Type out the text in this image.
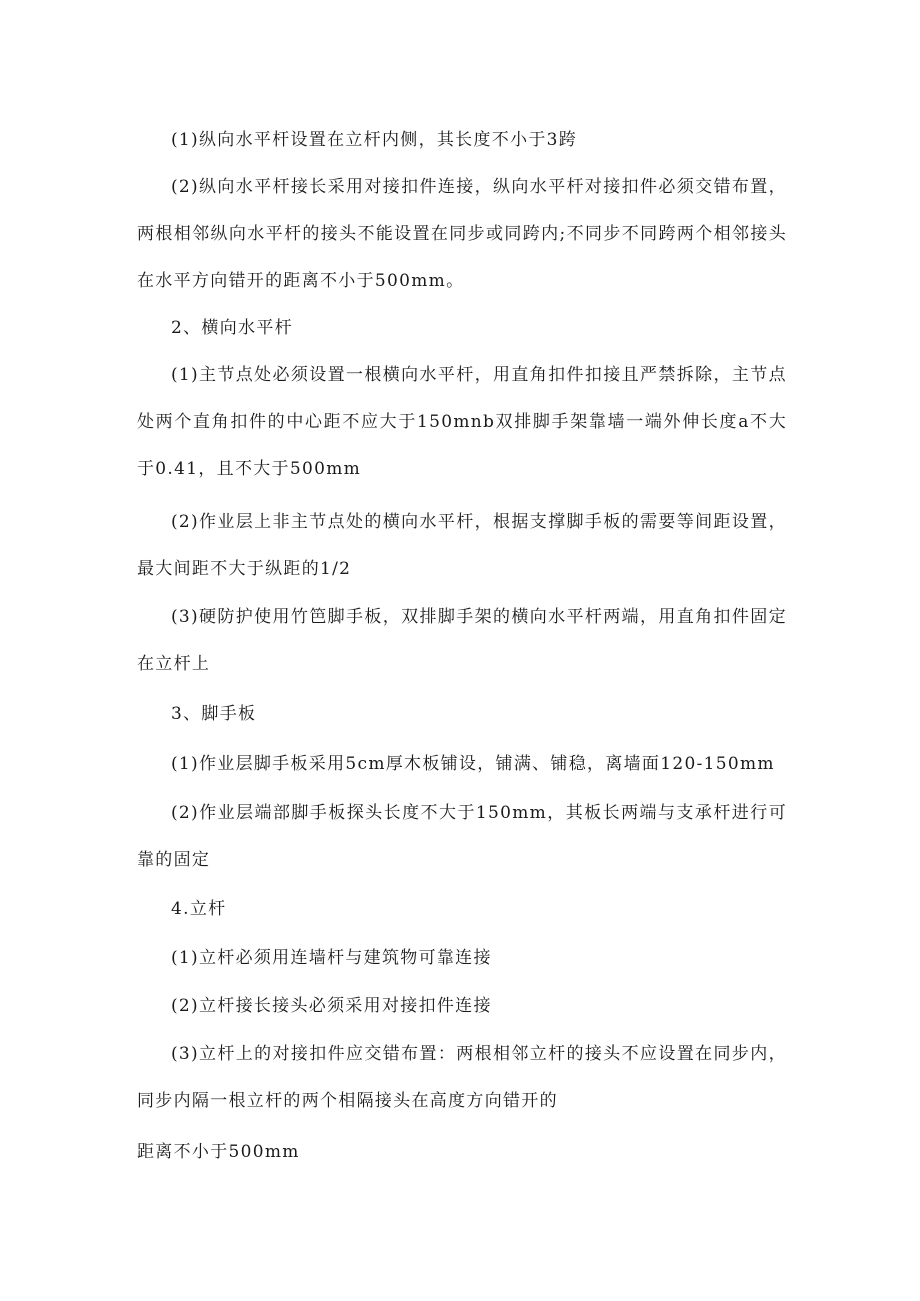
(1)纵向水平杆设置在立杆内侧，其长度不小于3跨

(2)纵向水平杆接长采用对接扣件连接，纵向水平杆对接扣件必须交错布置，两根相邻纵向水平杆的接头不能设置在同步或同跨内;不同步不同跨两个相邻接头在水平方向错开的距离不小于500mm。

2、横向水平杆

(1)主节点处必须设置一根横向水平杆，用直角扣件扣接且严禁拆除，主节点处两个直角扣件的中心距不应大于150mnb双排脚手架靠墙一端外伸长度a不大于0.41，且不大于500mm

(2)作业层上非主节点处的横向水平杆，根据支撑脚手板的需要等间距设置，最大间距不大于纵距的1/2

(3)硬防护使用竹笆脚手板，双排脚手架的横向水平杆两端，用直角扣件固定在立杆上

3、脚手板

(1)作业层脚手板采用5cm厚木板铺设，铺满、铺稳，离墙面120-150mm

(2)作业层端部脚手板探头长度不大于150mm，其板长两端与支承杆进行可靠的固定

4.立杆

(1)立杆必须用连墙杆与建筑物可靠连接

(2)立杆接长接头必须采用对接扣件连接

(3)立杆上的对接扣件应交错布置：两根相邻立杆的接头不应设置在同步内，同步内隔一根立杆的两个相隔接头在高度方向错开的

距离不小于500mm
